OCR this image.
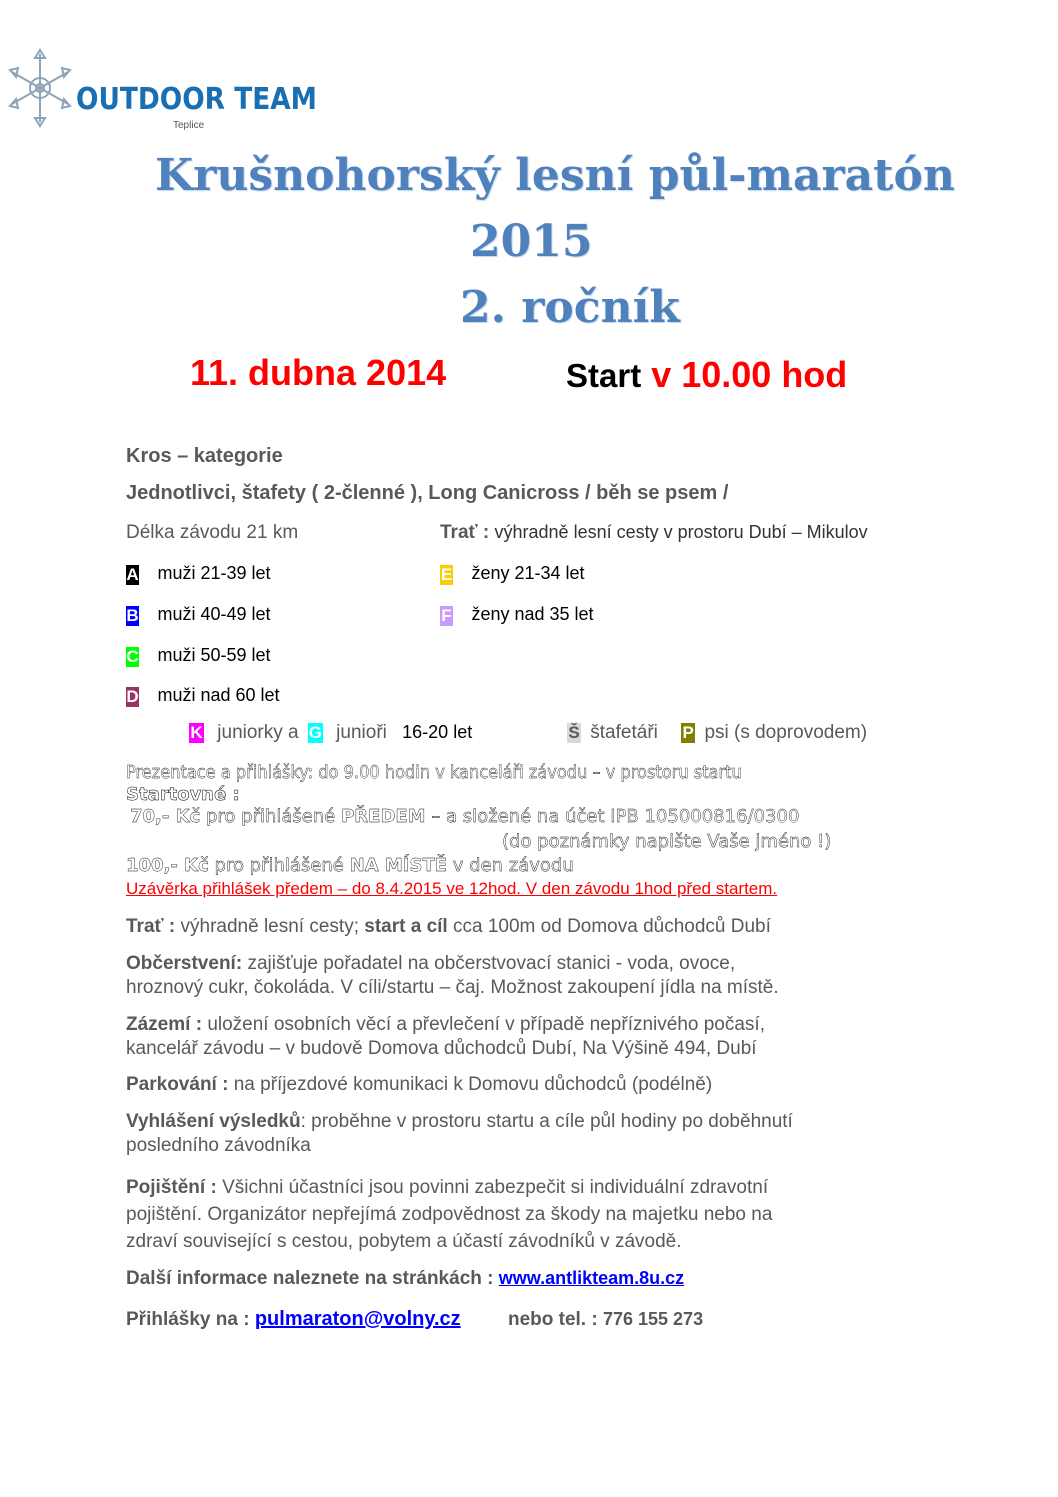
OUTDOOR TEAM
Teplice
Krušnohorský lesní půl-maratón
2015
2. ročník
11. dubna 2014	Start v 10.00 hod
Kros – kategorie
Jednotlivci, štafety ( 2-členné ), Long Canicross / běh se psem /
Délka závodu 21 km	Trať : výhradně lesní cesty v prostoru Dubí – Mikulov
A muži 21-39 let
B muži 40-49 let
C muži 50-59 let
D muži nad 60 let
E ženy 21-34 let
F ženy nad 35 let
K juniorky a G junioři 16-20 let	Š štafetáři P psi (s doprovodem)
Prezentace a přihlášky: do 9.00 hodin v kanceláři závodu – v prostoru startu
Startovné :
70,- Kč pro přihlášené PŘEDEM – a složené na účet IPB 105000816/0300
(do poznámky napište Vaše jméno !)
100,- Kč pro přihlášené NA MÍSTĚ v den závodu
Uzávěrka přihlášek předem – do 8.4.2015 ve 12hod. V den závodu 1hod před startem.
Trať : výhradně lesní cesty; start a cíl cca 100m od Domova důchodců Dubí
Občerstvení: zajišťuje pořadatel na občerstvovací stanici - voda, ovoce,
hroznový cukr, čokoláda. V cíli/startu – čaj. Možnost zakoupení jídla na místě.
Zázemí : uložení osobních věcí a převlečení v případě nepříznivého počasí,
kancelář závodu – v budově Domova důchodců Dubí, Na Výšině 494, Dubí
Parkování : na příjezdové komunikaci k Domovu důchodců (podélně)
Vyhlášení výsledků: proběhne v prostoru startu a cíle půl hodiny po doběhnutí
posledního závodníka
Pojištění : Všichni účastníci jsou povinni zabezpečit si individuální zdravotní
pojištění. Organizátor nepřejímá zodpovědnost za škody na majetku nebo na
zdraví související s cestou, pobytem a účastí závodníků v závodě.
Další informace naleznete na stránkách : www.antlikteam.8u.cz
Přihlášky na : pulmaraton@volny.cz nebo tel. : 776 155 273
